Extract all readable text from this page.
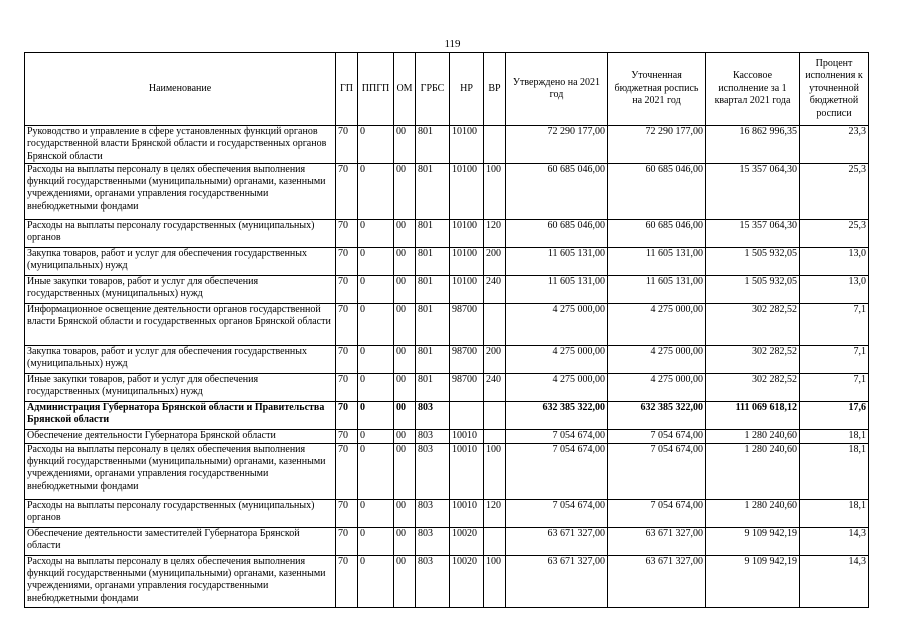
119
Наименование	ГП	ППГП	ОМ	ГРБС	НР	ВР	Утверждено на 2021 год	Уточненная бюджетная роспись на 2021 год	Кассовое исполнение за 1 квартал 2021 года	Процент исполнения к уточненной бюджетной росписи
Руководство и управление в сфере установленных функций органов государственной власти Брянской области и государственных органов Брянской области	70	0	00	801	10100		72 290 177,00	72 290 177,00	16 862 996,35	23,3
Расходы на выплаты персоналу в целях обеспечения выполнения функций государственными (муниципальными) органами, казенными учреждениями, органами управления государственными внебюджетными фондами	70	0	00	801	10100	100	60 685 046,00	60 685 046,00	15 357 064,30	25,3
Расходы на выплаты персоналу государственных (муниципальных) органов	70	0	00	801	10100	120	60 685 046,00	60 685 046,00	15 357 064,30	25,3
Закупка товаров, работ и услуг для обеспечения государственных (муниципальных) нужд	70	0	00	801	10100	200	11 605 131,00	11 605 131,00	1 505 932,05	13,0
Иные закупки товаров, работ и услуг для обеспечения государственных (муниципальных) нужд	70	0	00	801	10100	240	11 605 131,00	11 605 131,00	1 505 932,05	13,0
Информационное освещение деятельности органов государственной власти Брянской области и государственных органов Брянской области	70	0	00	801	98700		4 275 000,00	4 275 000,00	302 282,52	7,1
Закупка товаров, работ и услуг для обеспечения государственных (муниципальных) нужд	70	0	00	801	98700	200	4 275 000,00	4 275 000,00	302 282,52	7,1
Иные закупки товаров, работ и услуг для обеспечения государственных (муниципальных) нужд	70	0	00	801	98700	240	4 275 000,00	4 275 000,00	302 282,52	7,1
Администрация Губернатора Брянской области и Правительства Брянской области	70	0	00	803			632 385 322,00	632 385 322,00	111 069 618,12	17,6
Обеспечение деятельности Губернатора Брянской области	70	0	00	803	10010		7 054 674,00	7 054 674,00	1 280 240,60	18,1
Расходы на выплаты персоналу в целях обеспечения выполнения функций государственными (муниципальными) органами, казенными учреждениями, органами управления государственными внебюджетными фондами	70	0	00	803	10010	100	7 054 674,00	7 054 674,00	1 280 240,60	18,1
Расходы на выплаты персоналу государственных (муниципальных) органов	70	0	00	803	10010	120	7 054 674,00	7 054 674,00	1 280 240,60	18,1
Обеспечение деятельности заместителей Губернатора Брянской области	70	0	00	803	10020		63 671 327,00	63 671 327,00	9 109 942,19	14,3
Расходы на выплаты персоналу в целях обеспечения выполнения функций государственными (муниципальными) органами, казенными учреждениями, органами управления государственными внебюджетными фондами	70	0	00	803	10020	100	63 671 327,00	63 671 327,00	9 109 942,19	14,3
